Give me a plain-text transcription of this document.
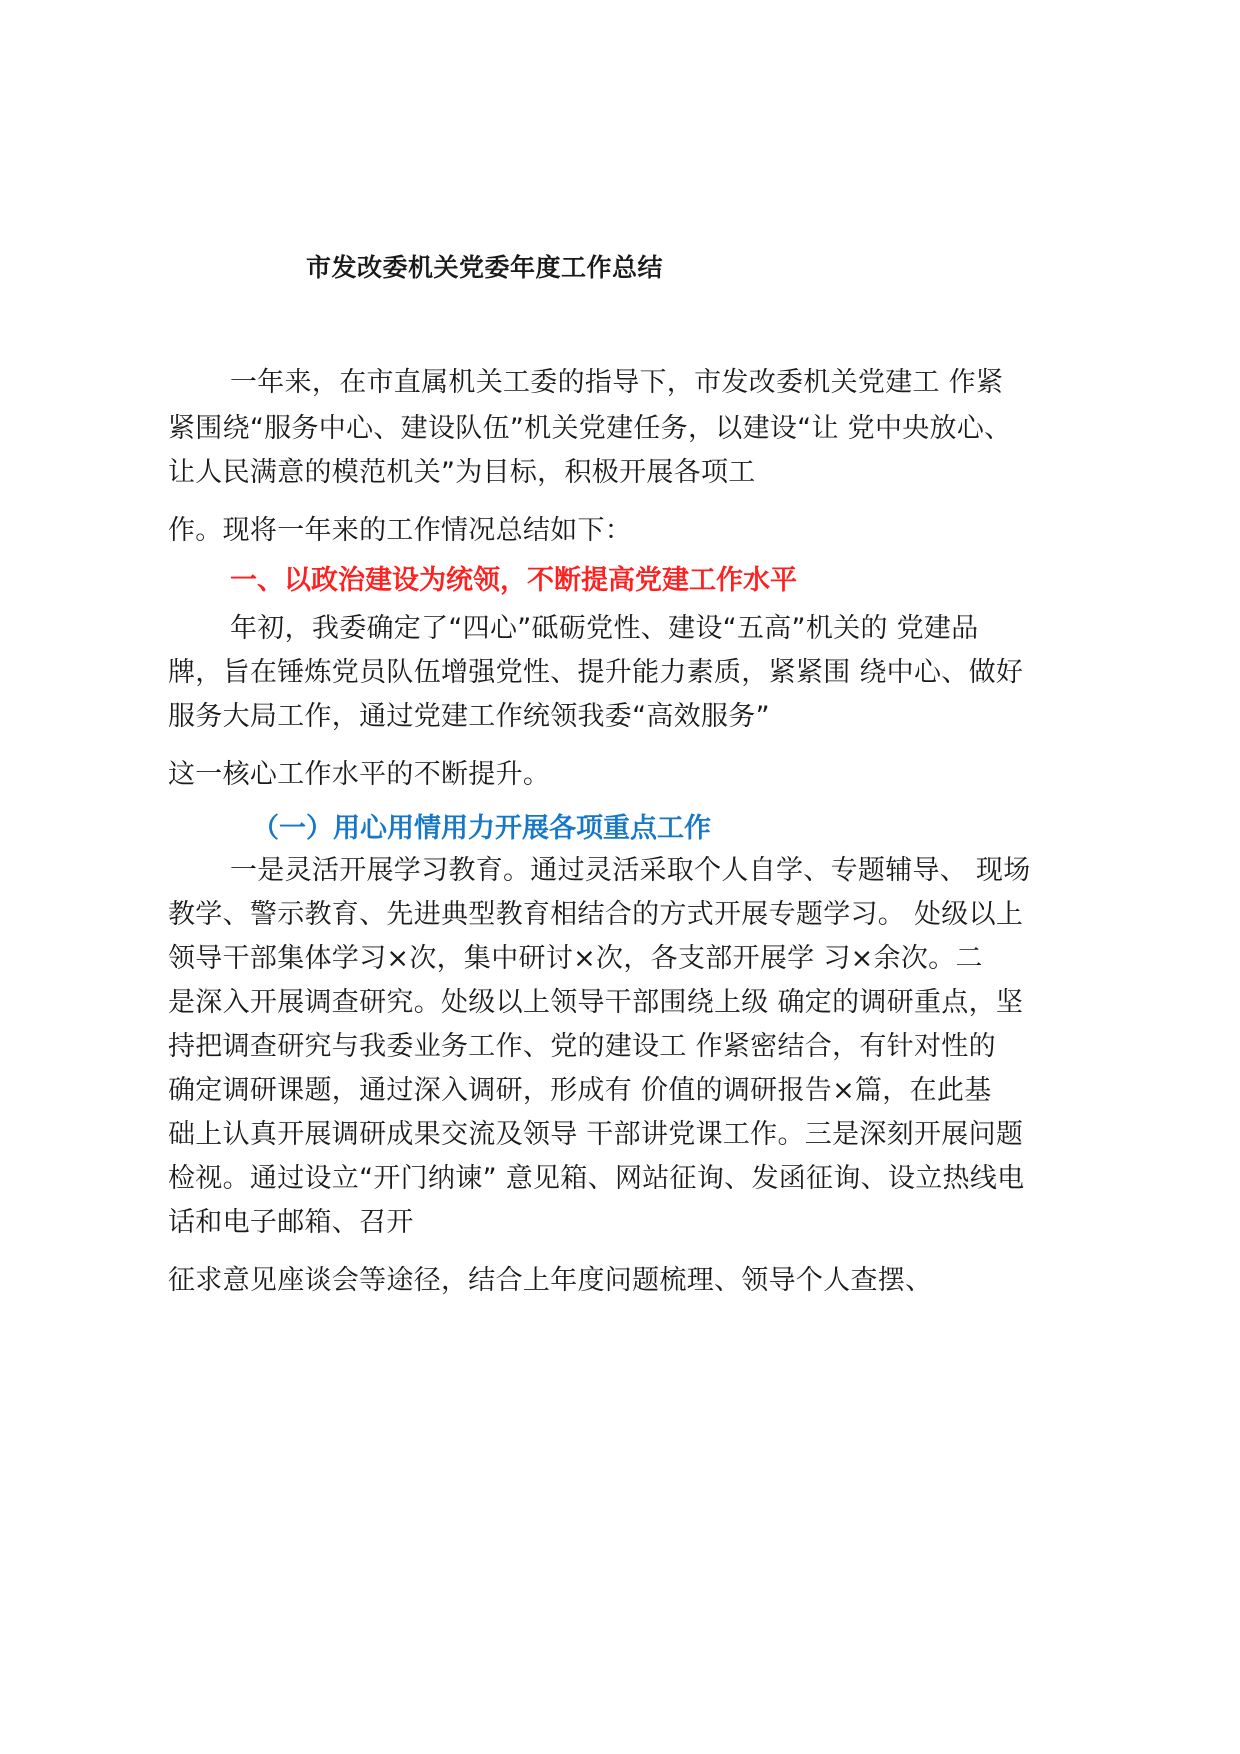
市发改委机关党委年度工作总结
一年来，在市直属机关工委的指导下，市发改委机关党建工 作紧
紧围绕“服务中心、建设队伍”机关党建任务，以建设“让 党中央放心、
让人民满意的模范机关”为目标，积极开展各项工
作。现将一年来的工作情况总结如下：
一、以政治建设为统领，不断提高党建工作水平
年初，我委确定了“四心”砥砺党性、建设“五高”机关的 党建品
牌，旨在锤炼党员队伍增强党性、提升能力素质，紧紧围 绕中心、做好
服务大局工作，通过党建工作统领我委“高效服务”
这一核心工作水平的不断提升。
（一）用心用情用力开展各项重点工作
一是灵活开展学习教育。通过灵活采取个人自学、专题辅导、 现场
教学、警示教育、先进典型教育相结合的方式开展专题学习。 处级以上
领导干部集体学习×次，集中研讨×次，各支部开展学 习×余次。二
是深入开展调查研究。处级以上领导干部围绕上级 确定的调研重点，坚
持把调查研究与我委业务工作、党的建设工 作紧密结合，有针对性的
确定调研课题，通过深入调研，形成有 价值的调研报告×篇，在此基
础上认真开展调研成果交流及领导 干部讲党课工作。三是深刻开展问题
检视。通过设立“开门纳谏” 意见箱、网站征询、发函征询、设立热线电
话和电子邮箱、召开
征求意见座谈会等途径，结合上年度问题梳理、领导个人查摆、
